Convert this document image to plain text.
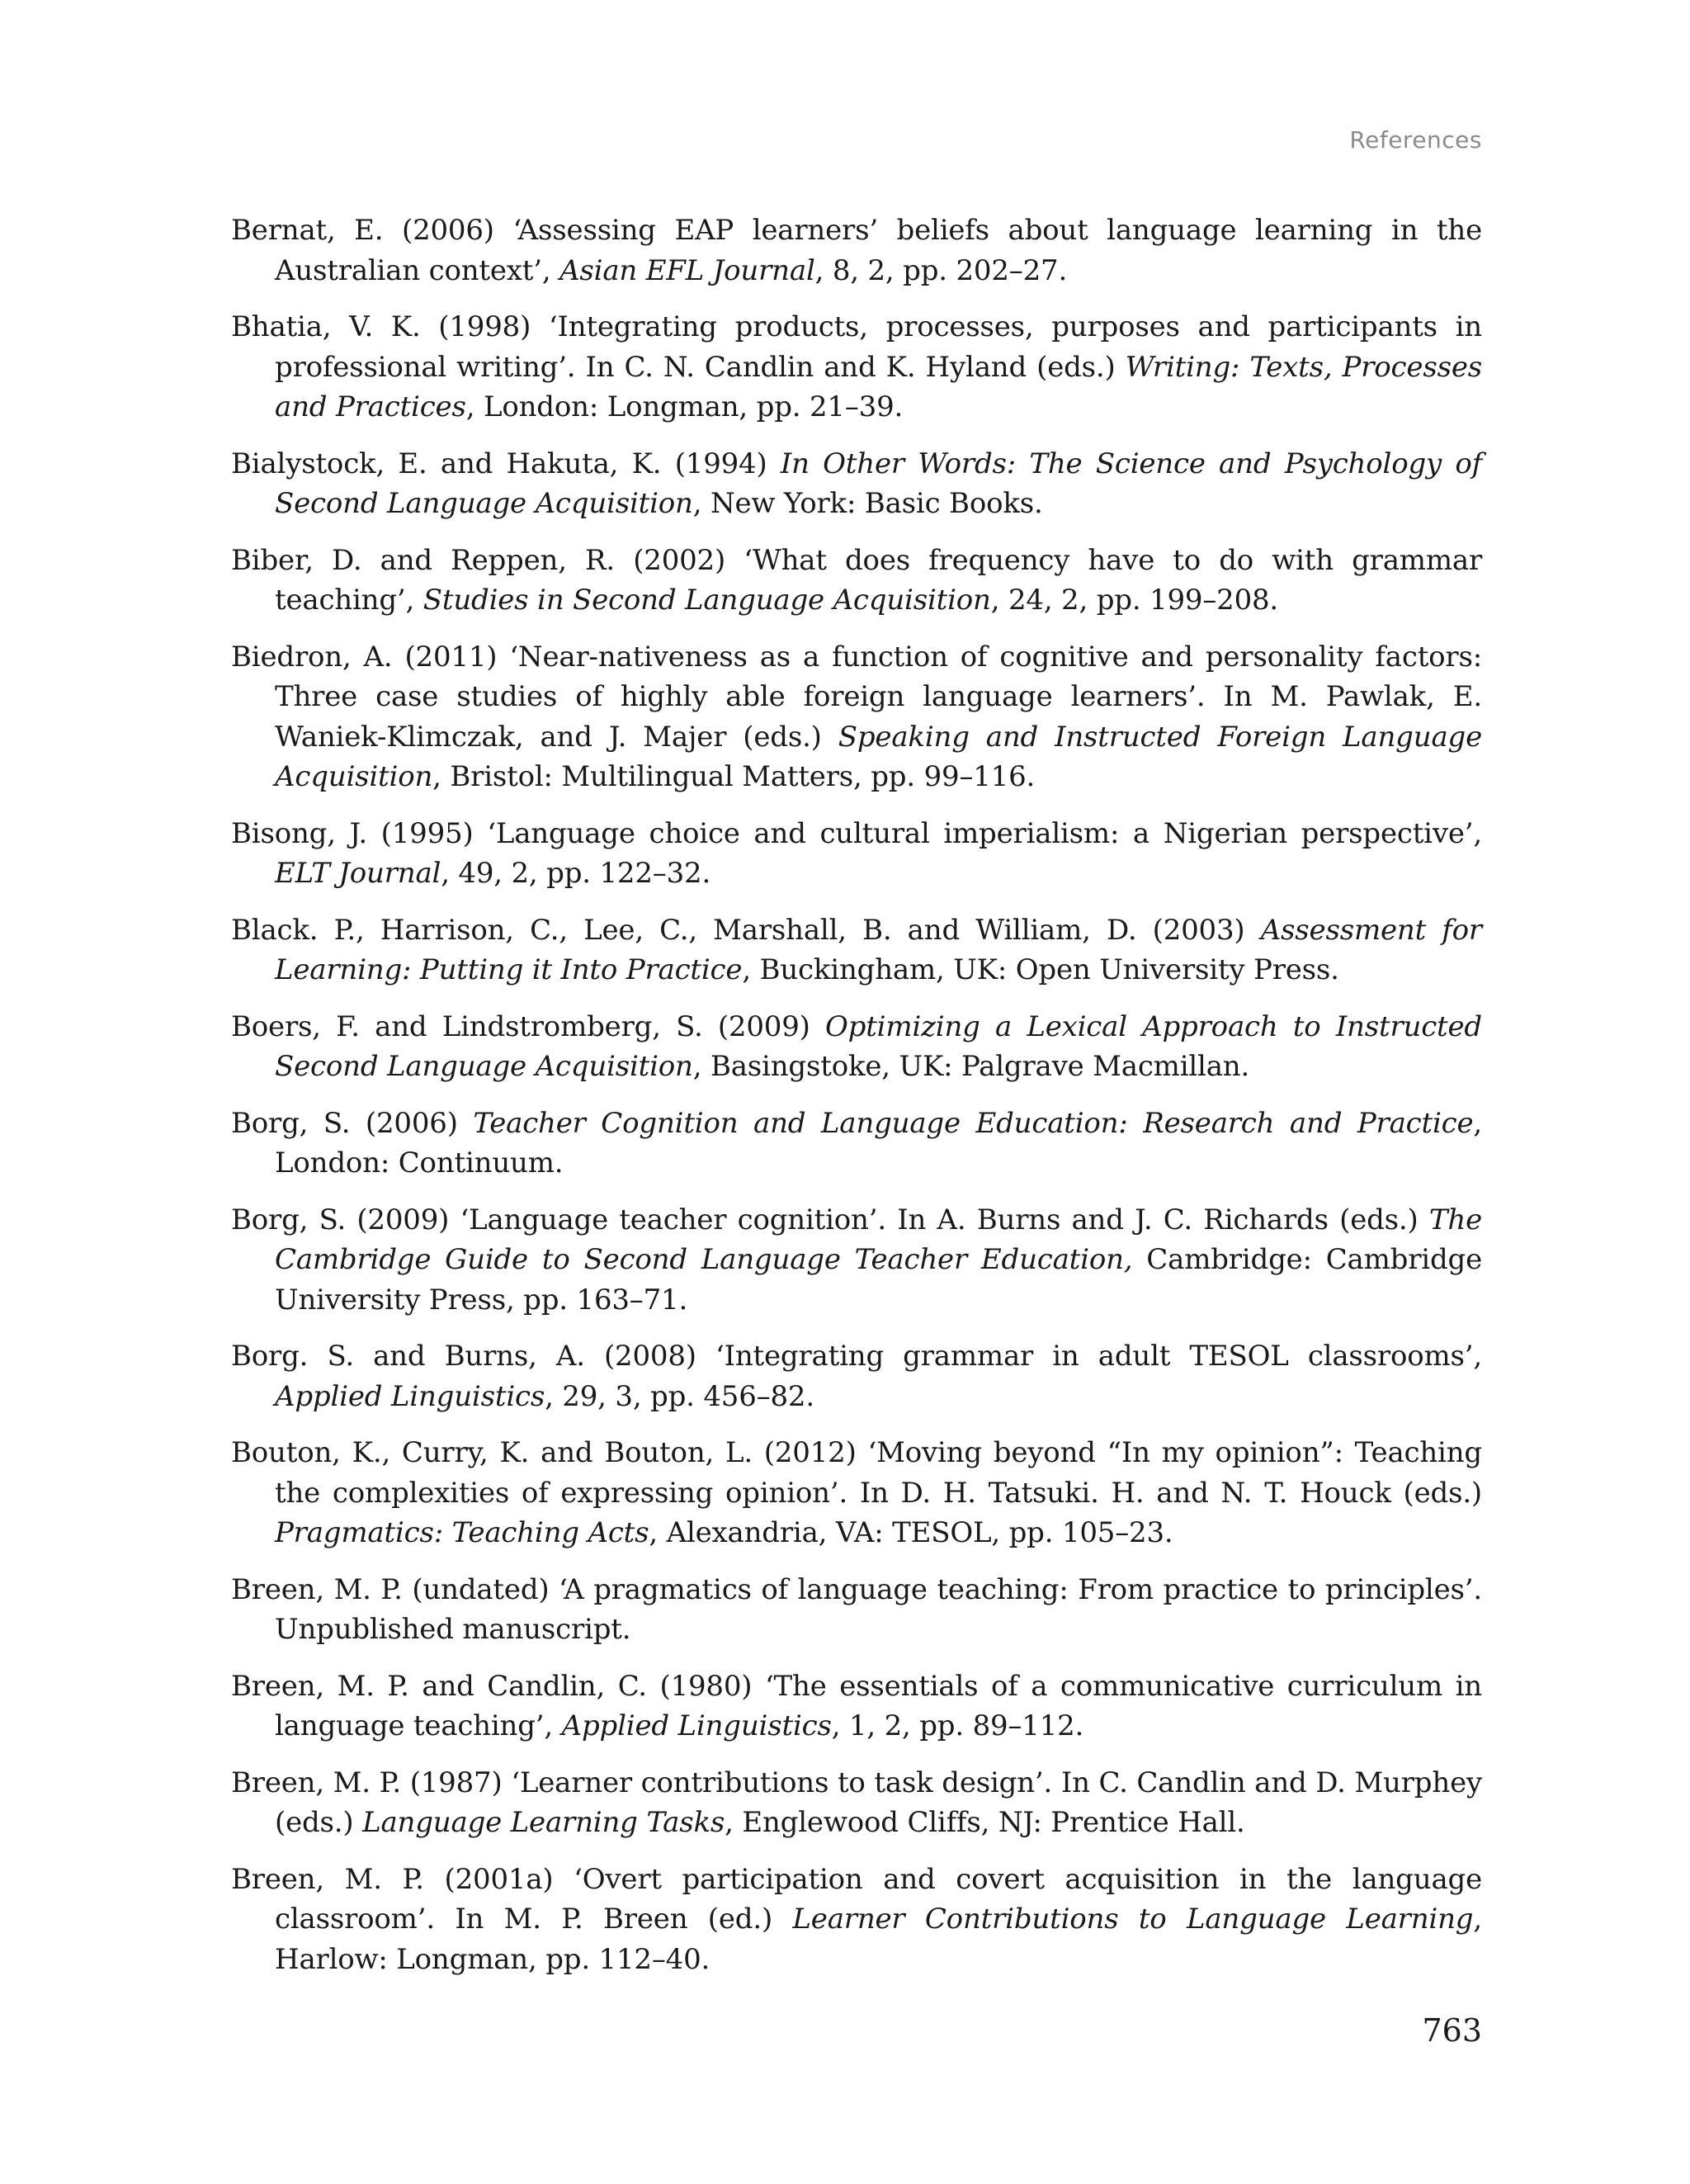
References

Bernat, E. (2006) ‘Assessing EAP learners’ beliefs about language learning in the Australian context’, Asian EFL Journal, 8, 2, pp. 202–27.

Bhatia, V. K. (1998) ‘Integrating products, processes, purposes and participants in professional writing’. In C. N. Candlin and K. Hyland (eds.) Writing: Texts, Processes and Practices, London: Longman, pp. 21–39.

Bialystock, E. and Hakuta, K. (1994) In Other Words: The Science and Psychology of Second Language Acquisition, New York: Basic Books.

Biber, D. and Reppen, R. (2002) ‘What does frequency have to do with grammar teaching’, Studies in Second Language Acquisition, 24, 2, pp. 199–208.

Biedron, A. (2011) ‘Near-nativeness as a function of cognitive and personality factors: Three case studies of highly able foreign language learners’. In M. Pawlak, E. Waniek-Klimczak, and J. Majer (eds.) Speaking and Instructed Foreign Language Acquisition, Bristol: Multilingual Matters, pp. 99–116.

Bisong, J. (1995) ‘Language choice and cultural imperialism: a Nigerian perspective’, ELT Journal, 49, 2, pp. 122–32.

Black. P., Harrison, C., Lee, C., Marshall, B. and William, D. (2003) Assessment for Learning: Putting it Into Practice, Buckingham, UK: Open University Press.

Boers, F. and Lindstromberg, S. (2009) Optimizing a Lexical Approach to Instructed Second Language Acquisition, Basingstoke, UK: Palgrave Macmillan.

Borg, S. (2006) Teacher Cognition and Language Education: Research and Practice, London: Continuum.

Borg, S. (2009) ‘Language teacher cognition’. In A. Burns and J. C. Richards (eds.) The Cambridge Guide to Second Language Teacher Education, Cambridge: Cambridge University Press, pp. 163–71.

Borg. S. and Burns, A. (2008) ‘Integrating grammar in adult TESOL classrooms’, Applied Linguistics, 29, 3, pp. 456–82.

Bouton, K., Curry, K. and Bouton, L. (2012) ‘Moving beyond “In my opinion”: Teaching the complexities of expressing opinion’. In D. H. Tatsuki. H. and N. T. Houck (eds.) Pragmatics: Teaching Acts, Alexandria, VA: TESOL, pp. 105–23.

Breen, M. P. (undated) ‘A pragmatics of language teaching: From practice to principles’. Unpublished manuscript.

Breen, M. P. and Candlin, C. (1980) ‘The essentials of a communicative curriculum in language teaching’, Applied Linguistics, 1, 2, pp. 89–112.

Breen, M. P. (1987) ‘Learner contributions to task design’. In C. Candlin and D. Murphey (eds.) Language Learning Tasks, Englewood Cliffs, NJ: Prentice Hall.

Breen, M. P. (2001a) ‘Overt participation and covert acquisition in the language classroom’. In M. P. Breen (ed.) Learner Contributions to Language Learning, Harlow: Longman, pp. 112–40.

763
